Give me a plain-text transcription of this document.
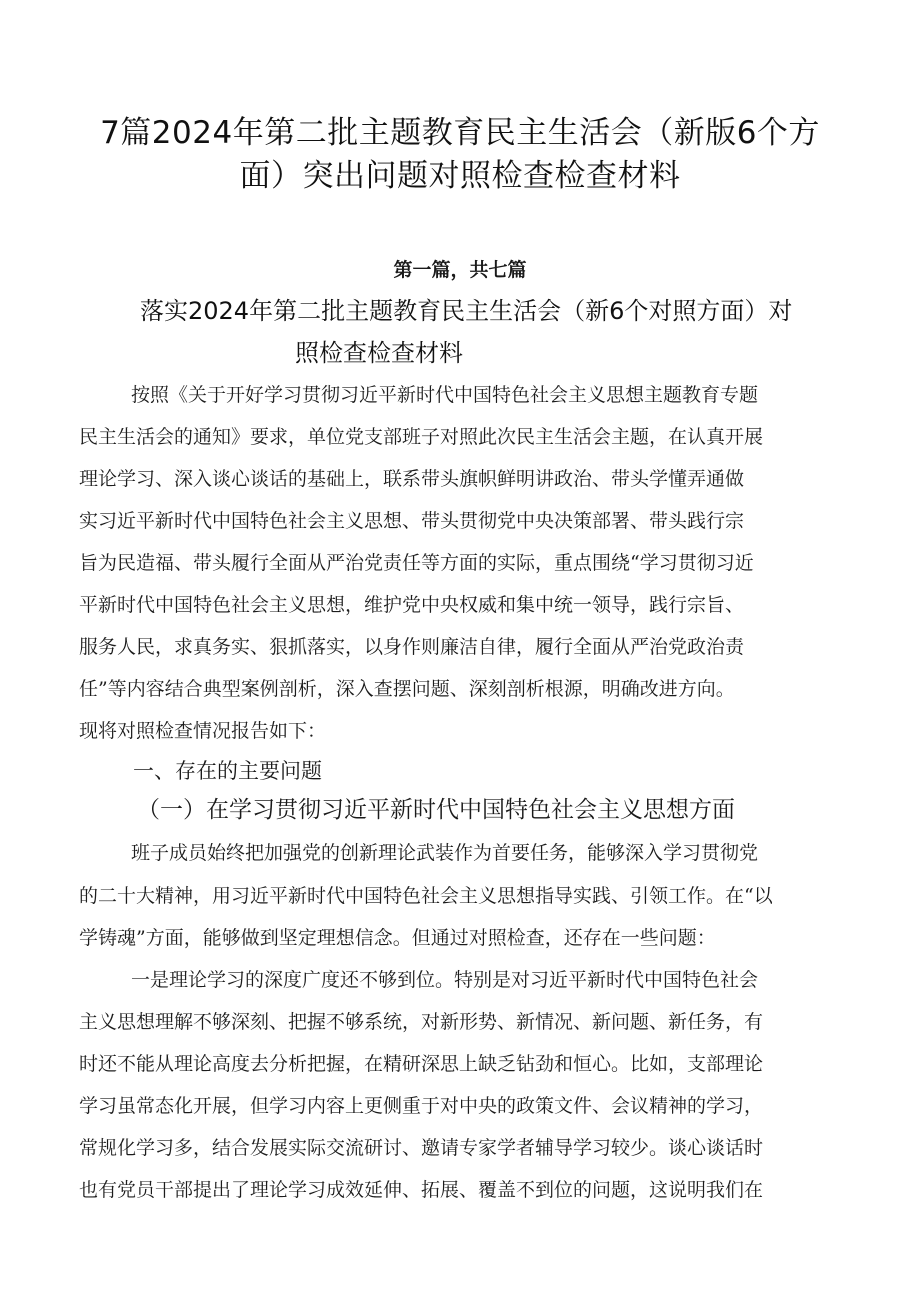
7篇2024年第二批主题教育民主生活会（新版6个方
面）突出问题对照检查检查材料
第一篇，共七篇
落实2024年第二批主题教育民主生活会（新6个对照方面）对
照检查检查材料
按照《关于开好学习贯彻习近平新时代中国特色社会主义思想主题教育专题
民主生活会的通知》要求，单位党支部班子对照此次民主生活会主题，在认真开展
理论学习、深入谈心谈话的基础上，联系带头旗帜鲜明讲政治、带头学懂弄通做
实习近平新时代中国特色社会主义思想、带头贯彻党中央决策部署、带头践行宗
旨为民造福、带头履行全面从严治党责任等方面的实际，重点围绕“学习贯彻习近
平新时代中国特色社会主义思想，维护党中央权威和集中统一领导，践行宗旨、
服务人民，求真务实、狠抓落实，以身作则廉洁自律，履行全面从严治党政治责
任”等内容结合典型案例剖析，深入查摆问题、深刻剖析根源，明确改进方向。
现将对照检查情况报告如下：
一、存在的主要问题
（一）在学习贯彻习近平新时代中国特色社会主义思想方面
班子成员始终把加强党的创新理论武装作为首要任务，能够深入学习贯彻党
的二十大精神，用习近平新时代中国特色社会主义思想指导实践、引领工作。在“以
学铸魂”方面，能够做到坚定理想信念。但通过对照检查，还存在一些问题：
一是理论学习的深度广度还不够到位。特别是对习近平新时代中国特色社会
主义思想理解不够深刻、把握不够系统，对新形势、新情况、新问题、新任务，有
时还不能从理论高度去分析把握，在精研深思上缺乏钻劲和恒心。比如，支部理论
学习虽常态化开展，但学习内容上更侧重于对中央的政策文件、会议精神的学习，
常规化学习多，结合发展实际交流研讨、邀请专家学者辅导学习较少。谈心谈话时
也有党员干部提出了理论学习成效延伸、拓展、覆盖不到位的问题，这说明我们在
